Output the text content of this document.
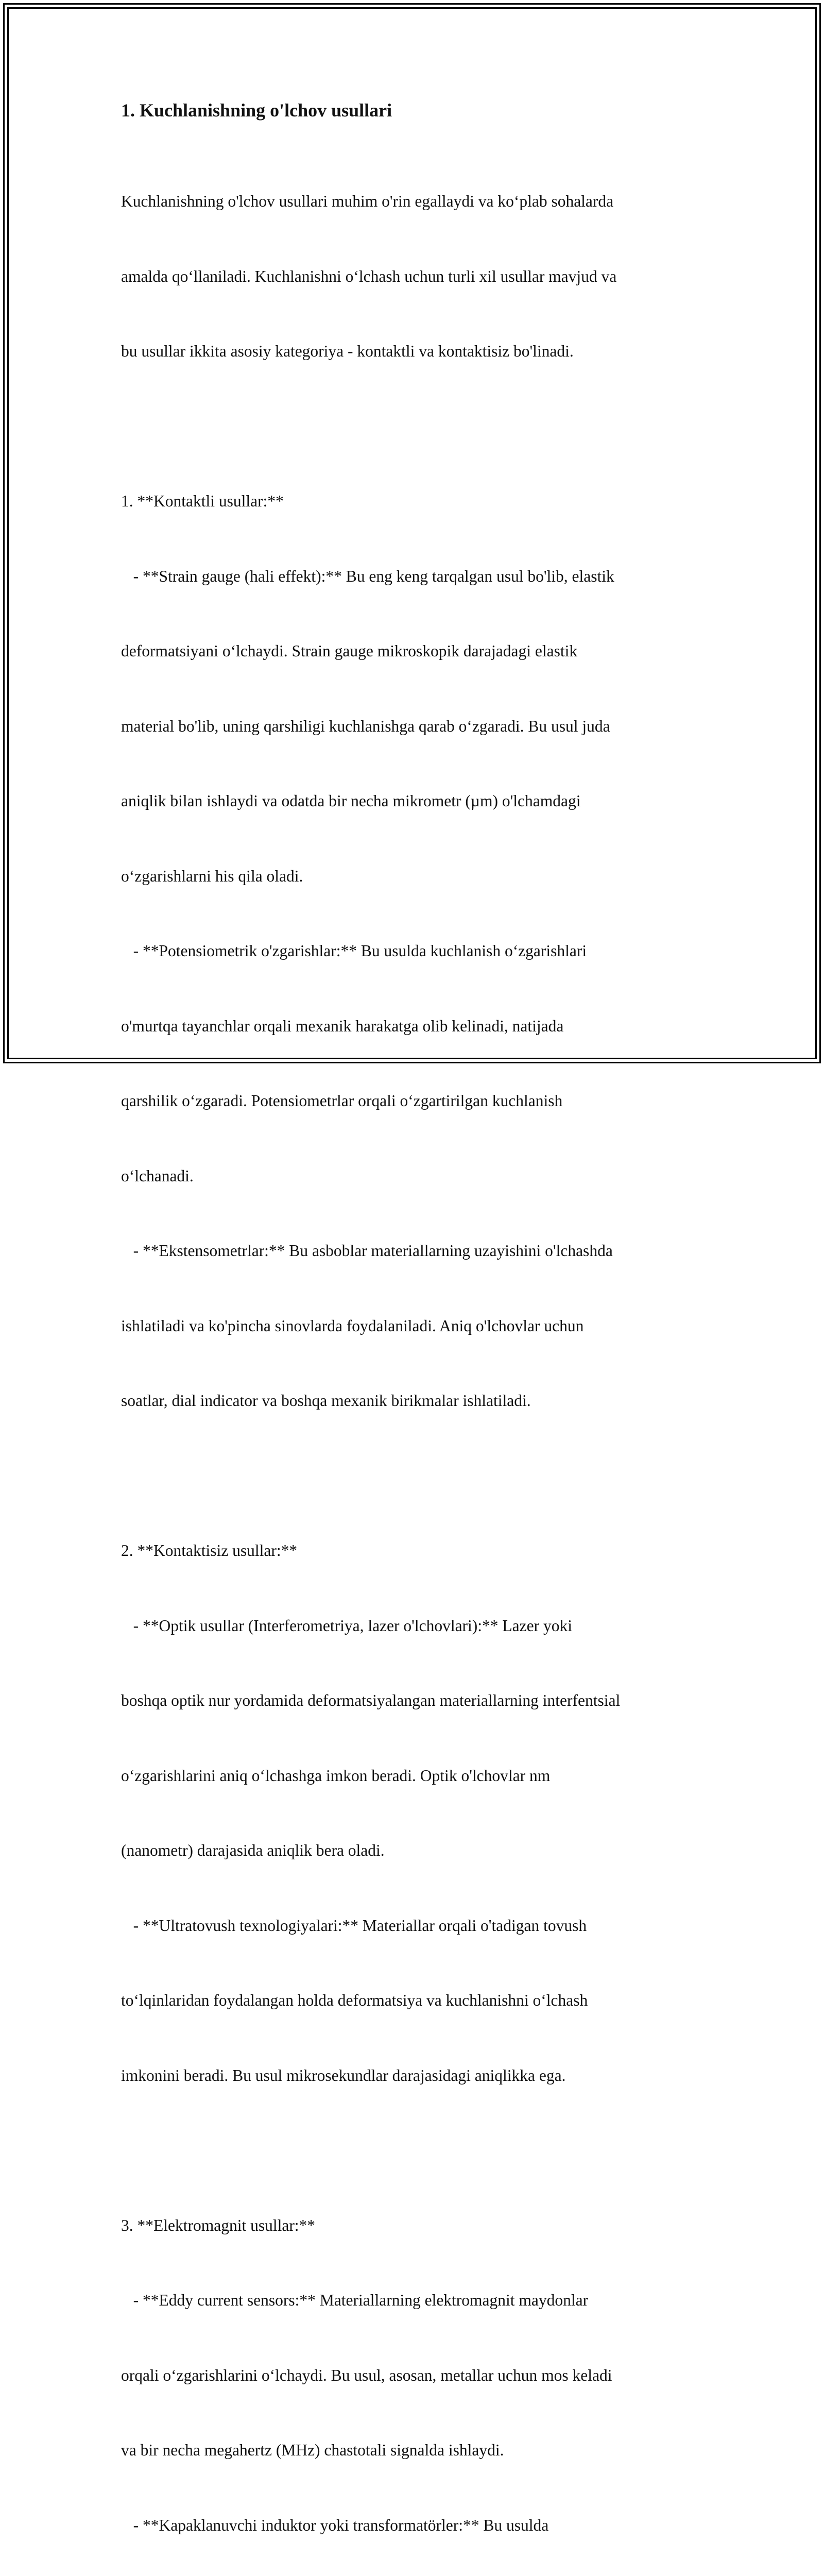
1. Kuchlanishning o'lchov usullari

Kuchlanishning o'lchov usullari muhim o'rin egallaydi va ko‘plab sohalarda

amalda qo‘llaniladi. Kuchlanishni o‘lchash uchun turli xil usullar mavjud va

bu usullar ikkita asosiy kategoriya - kontaktli va kontaktisiz bo'linadi.

1. **Kontaktli usullar:**

- **Strain gauge (hali effekt):** Bu eng keng tarqalgan usul bo'lib, elastik

deformatsiyani o‘lchaydi. Strain gauge mikroskopik darajadagi elastik

material bo'lib, uning qarshiligi kuchlanishga qarab o‘zgaradi. Bu usul juda

aniqlik bilan ishlaydi va odatda bir necha mikrometr (µm) o'lchamdagi

o‘zgarishlarni his qila oladi.

- **Potensiometrik o'zgarishlar:** Bu usulda kuchlanish o‘zgarishlari

o'murtqa tayanchlar orqali mexanik harakatga olib kelinadi, natijada

qarshilik o‘zgaradi. Potensiometrlar orqali o‘zgartirilgan kuchlanish

o‘lchanadi.

- **Ekstensometrlar:** Bu asboblar materiallarning uzayishini o'lchashda

ishlatiladi va ko'pincha sinovlarda foydalaniladi. Aniq o'lchovlar uchun

soatlar, dial indicator va boshqa mexanik birikmalar ishlatiladi.

2. **Kontaktisiz usullar:**

- **Optik usullar (Interferometriya, lazer o'lchovlari):** Lazer yoki

boshqa optik nur yordamida deformatsiyalangan materiallarning interfentsial

o‘zgarishlarini aniq o‘lchashga imkon beradi. Optik o'lchovlar nm

(nanometr) darajasida aniqlik bera oladi.

- **Ultratovush texnologiyalari:** Materiallar orqali o'tadigan tovush

to‘lqinlaridan foydalangan holda deformatsiya va kuchlanishni o‘lchash

imkonini beradi. Bu usul mikrosekundlar darajasidagi aniqlikka ega.

3. **Elektromagnit usullar:**

- **Eddy current sensors:** Materiallarning elektromagnit maydonlar

orqali o‘zgarishlarini o‘lchaydi. Bu usul, asosan, metallar uchun mos keladi

va bir necha megahertz (MHz) chastotali signalda ishlaydi.

- **Kapaklanuvchi induktor yoki transformatörler:** Bu usulda
